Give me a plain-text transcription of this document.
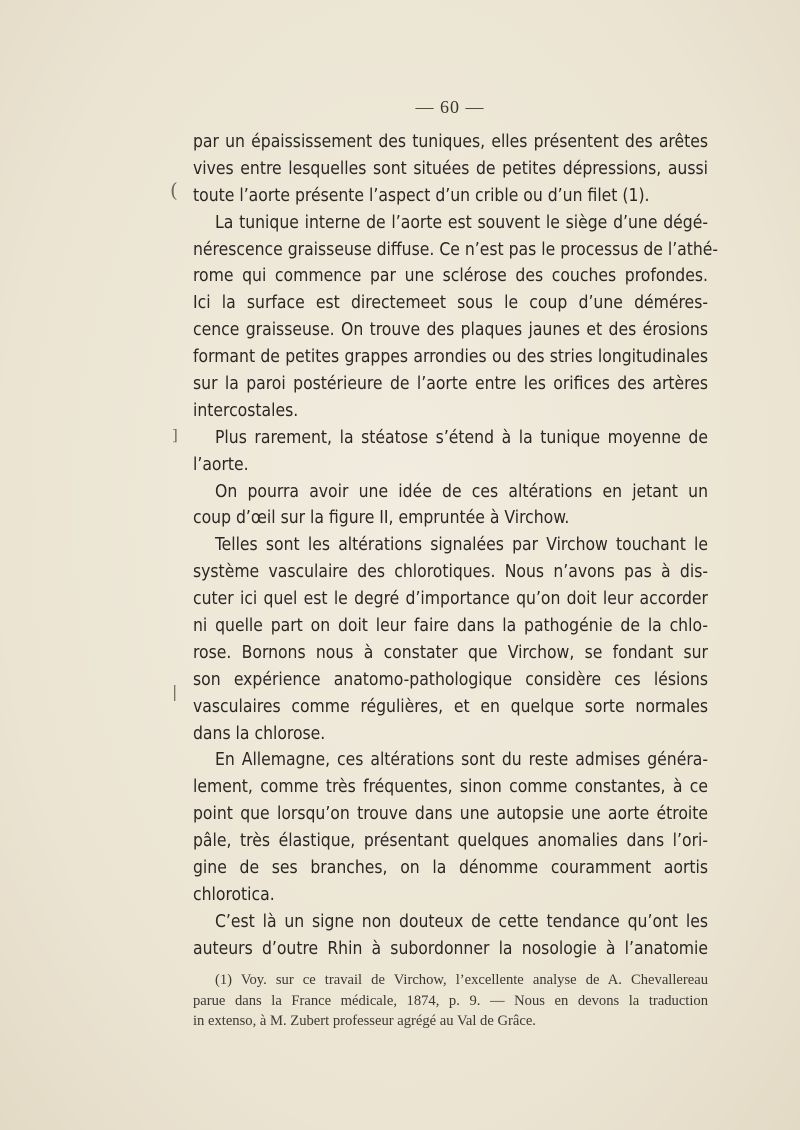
— 60 —
par un épaississement des tuniques, elles présentent des arêtes
vives entre lesquelles sont situées de petites dépressions, aussi
toute l’aorte présente l’aspect d’un crible ou d’un filet (1).
La tunique interne de l’aorte est souvent le siège d’une dégé-
nérescence graisseuse diffuse. Ce n’est pas le processus de l’athé-
rome qui commence par une sclérose des couches profondes.
Ici la surface est directemeet sous le coup d’une déméres-
cence graisseuse. On trouve des plaques jaunes et des érosions
formant de petites grappes arrondies ou des stries longitudinales
sur la paroi postérieure de l’aorte entre les orifices des artères
intercostales.
Plus rarement, la stéatose s’étend à la tunique moyenne de
l’aorte.
On pourra avoir une idée de ces altérations en jetant un
coup d’œil sur la figure II, empruntée à Virchow.
Telles sont les altérations signalées par Virchow touchant le
système vasculaire des chlorotiques. Nous n’avons pas à dis-
cuter ici quel est le degré d’importance qu’on doit leur accorder
ni quelle part on doit leur faire dans la pathogénie de la chlo-
rose. Bornons nous à constater que Virchow, se fondant sur
son expérience anatomo-pathologique considère ces lésions
vasculaires comme régulières, et en quelque sorte normales
dans la chlorose.
En Allemagne, ces altérations sont du reste admises généra-
lement, comme très fréquentes, sinon comme constantes, à ce
point que lorsqu’on trouve dans une autopsie une aorte étroite
pâle, très élastique, présentant quelques anomalies dans l’ori-
gine de ses branches, on la dénomme couramment aortis
chlorotica.
C’est là un signe non douteux de cette tendance qu’ont les
auteurs d’outre Rhin à subordonner la nosologie à l’anatomie
(1) Voy. sur ce travail de Virchow, l’excellente analyse de A. Chevallereau
parue dans la France médicale, 1874, p. 9. — Nous en devons la traduction
in extenso, à M. Zubert professeur agrégé au Val de Grâce.
(
]
|
